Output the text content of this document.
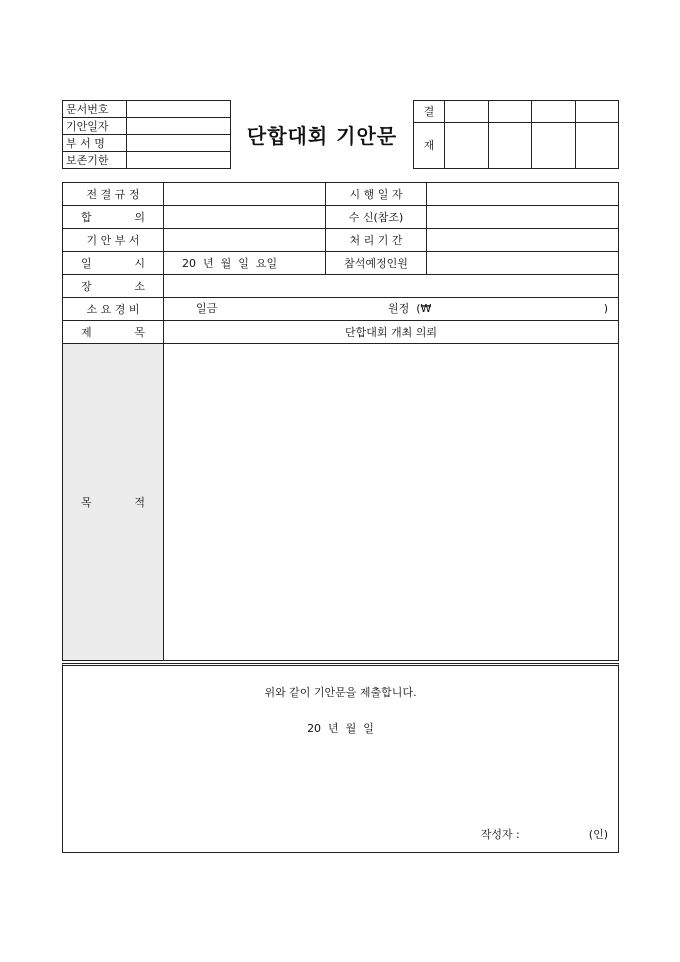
문서번호	
기안일자	
부 서 명	
보존기한	
단합대회 기안문
결				
재				
전 결 규 정		시 행 일 자	

합 의		수 신(참조)	
기 안 부 서		처 리 기 간	

일 시	20  년  월  일  요일	참석예정인원	

장 소			

소 요 경 비	일금 원정  (₩ )		

제 목	단합대회 개최 의뢰		

목 적			

위와 같이 기안문을 제출합니다.
20  년  월  일
작성자 :	(인)
